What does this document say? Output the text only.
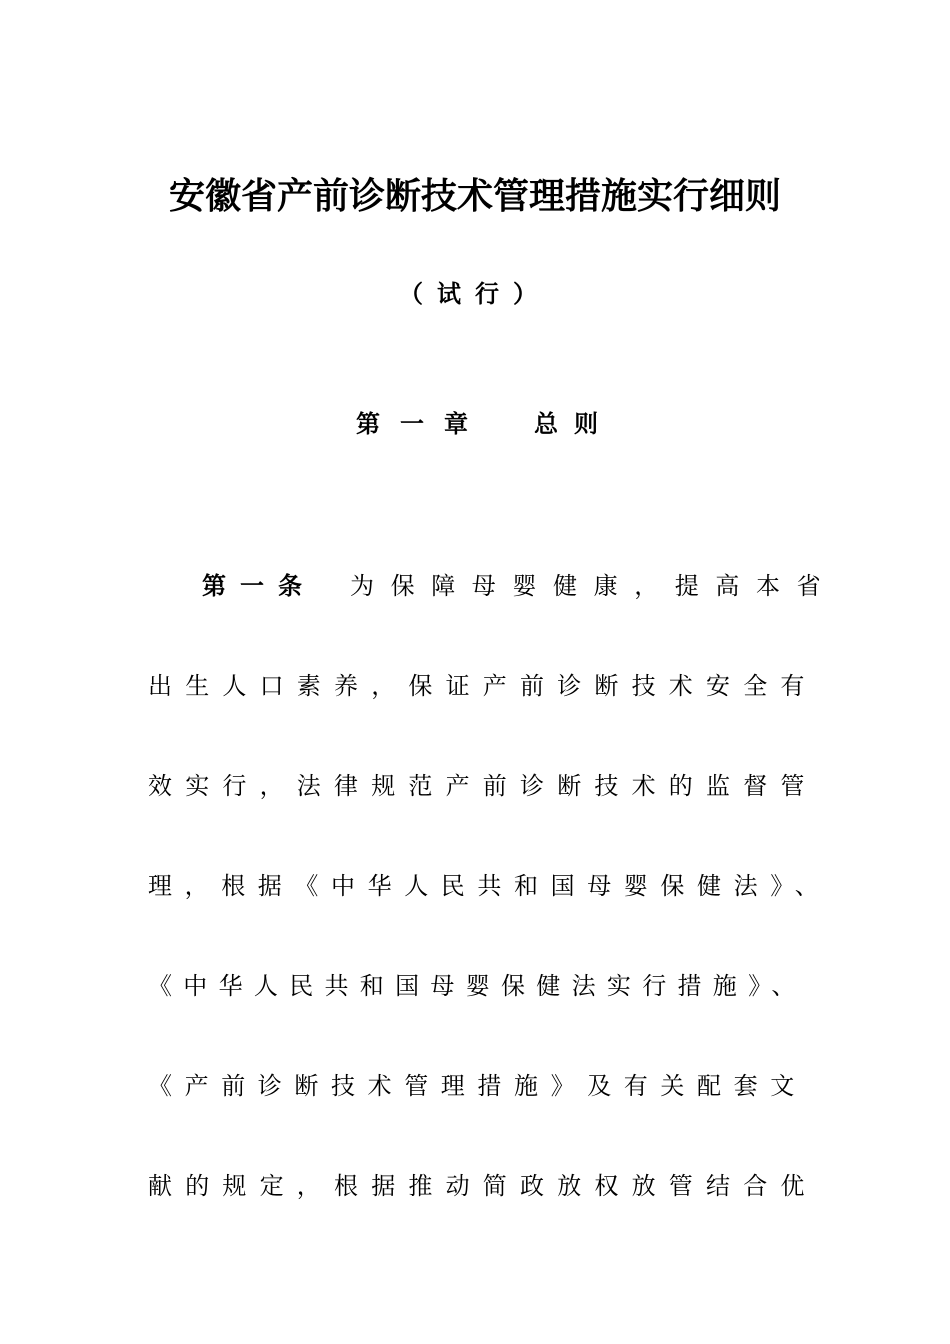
安徽省产前诊断技术管理措施实行细则
（试行）
第一章 总则
第一条 为保障母婴健康，提高本省
出生人口素养，保证产前诊断技术安全有
效实行，法律规范产前诊断技术的监督管
理，根据《中华人民共和国母婴保健法》、
《中华人民共和国母婴保健法实行措施》、
《产前诊断技术管理措施》及有关配套文
献的规定，根据推动简政放权放管结合优
